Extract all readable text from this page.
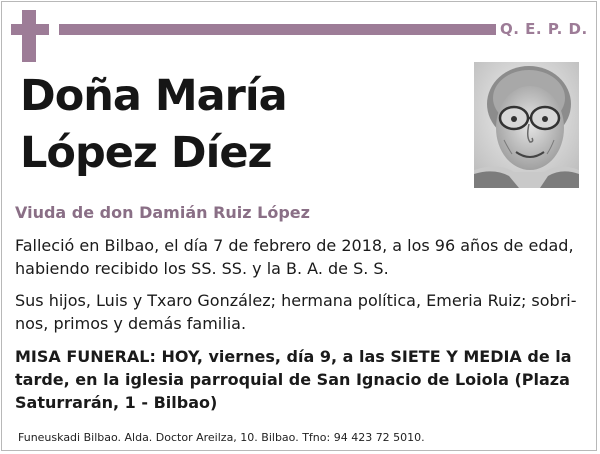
Q. E. P. D.
Doña María
López Díez
Viuda de don Damián Ruiz López
Falleció en Bilbao, el día 7 de febrero de 2018, a los 96 años de edad, habiendo recibido los SS. SS. y la B. A. de S. S.
Sus hijos, Luis y Txaro González; hermana política, Emeria Ruiz; sobri-nos, primos y demás familia.
MISA FUNERAL: HOY, viernes, día 9, a las SIETE Y MEDIA de la tarde, en la iglesia parroquial de San Ignacio de Loiola (Plaza Saturrarán, 1 - Bilbao)
Funeuskadi Bilbao. Alda. Doctor Areilza, 10. Bilbao. Tfno: 94 423 72 5010.
